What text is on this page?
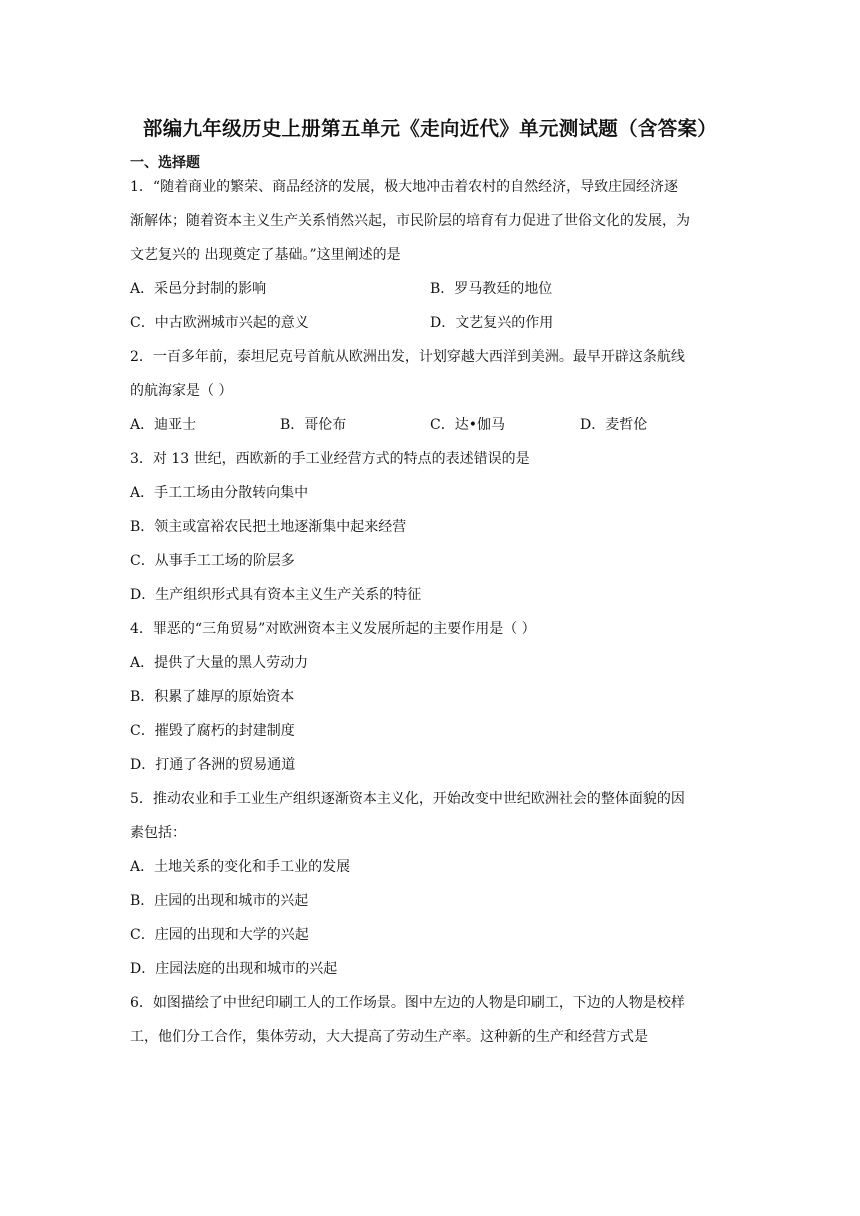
部编九年级历史上册第五单元《走向近代》单元测试题（含答案）
一、选择题
1．“随着商业的繁荣、商品经济的发展，极大地冲击着农村的自然经济，导致庄园经济逐
渐解体；随着资本主义生产关系悄然兴起，市民阶层的培育有力促进了世俗文化的发展，为
文艺复兴的 出现奠定了基础。”这里阐述的是
A．采邑分封制的影响	B．罗马教廷的地位
C．中古欧洲城市兴起的意义	D．文艺复兴的作用
2．一百多年前，泰坦尼克号首航从欧洲出发，计划穿越大西洋到美洲。最早开辟这条航线
的航海家是（ ）
A．迪亚士	B．哥伦布	C．达•伽马	D．麦哲伦
3．对 13 世纪，西欧新的手工业经营方式的特点的表述错误的是
A．手工工场由分散转向集中
B．领主或富裕农民把土地逐渐集中起来经营
C．从事手工工场的阶层多
D．生产组织形式具有资本主义生产关系的特征
4．罪恶的“三角贸易”对欧洲资本主义发展所起的主要作用是（ ）
A．提供了大量的黑人劳动力
B．积累了雄厚的原始资本
C．摧毁了腐朽的封建制度
D．打通了各洲的贸易通道
5．推动农业和手工业生产组织逐渐资本主义化，开始改变中世纪欧洲社会的整体面貌的因
素包括：
A．土地关系的变化和手工业的发展
B．庄园的出现和城市的兴起
C．庄园的出现和大学的兴起
D．庄园法庭的出现和城市的兴起
6．如图描绘了中世纪印刷工人的工作场景。图中左边的人物是印刷工，下边的人物是校样
工，他们分工合作，集体劳动，大大提高了劳动生产率。这种新的生产和经营方式是
